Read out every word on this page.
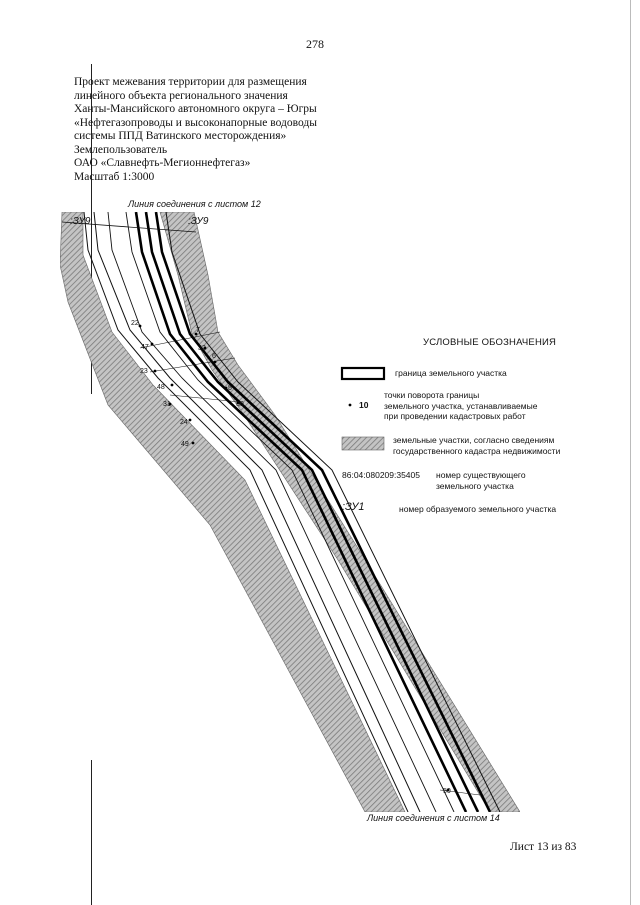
278
Проект межевания территории для размещения
линейного объекта регионального значения
Ханты-Мансийского автономного округа – Югры
«Нефтегазопроводы и высоконапорные водоводы
системы ППД Ватинского месторождения»
Землепользователь
ОАО «Славнефть-Мегионнефтегаз»
Масштаб 1:3000
Линия соединения с листом 12
:ЗУ9	:ЗУ9
22
7
47	32
6
23
48	5
31	30
24
49
50
Линия соединения с листом 14
УСЛОВНЫЕ ОБОЗНАЧЕНИЯ
граница земельного участка
10
точки поворота границы
земельного участка, устанавливаемые
при проведении кадастровых работ
земельные участки, согласно сведениям
государственного кадастра недвижимости
86:04:080209:35405 номер существующего
земельного участка
:ЗУ1	номер образуемого земельного участка
Лист 13 из 83
